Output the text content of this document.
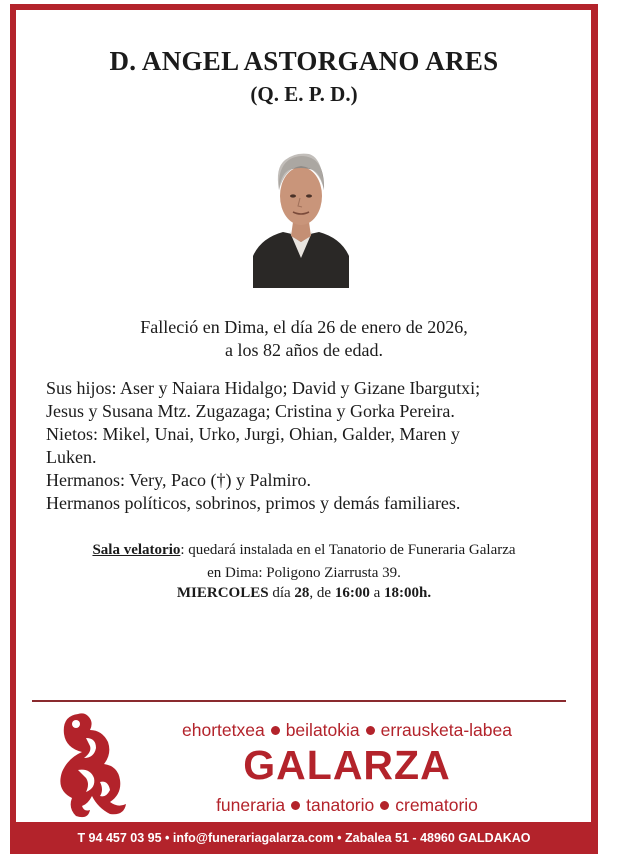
D. ANGEL ASTORGANO ARES
(Q. E. P. D.)
Falleció en Dima, el día 26 de enero de 2026,
a los 82 años de edad.
Sus hijos: Aser y Naiara Hidalgo; David y Gizane Ibargutxi;
Jesus y Susana Mtz. Zugazaga; Cristina y Gorka Pereira.
Nietos: Mikel, Unai, Urko, Jurgi, Ohian, Galder, Maren y
Luken.
Hermanos: Very, Paco (†) y Palmiro.
Hermanos políticos, sobrinos, primos y demás familiares.
Sala velatorio: quedará instalada en el Tanatorio de Funeraria Galarza
en Dima: Poligono Ziarrusta 39.
MIERCOLES día 28, de 16:00 a 18:00h.
ehortetxea beilatokia errausketa-labea
GALARZA
funeraria tanatorio crematorio
T 94 457 03 95 • info@funerariagalarza.com • Zabalea 51 - 48960 GALDAKAO
